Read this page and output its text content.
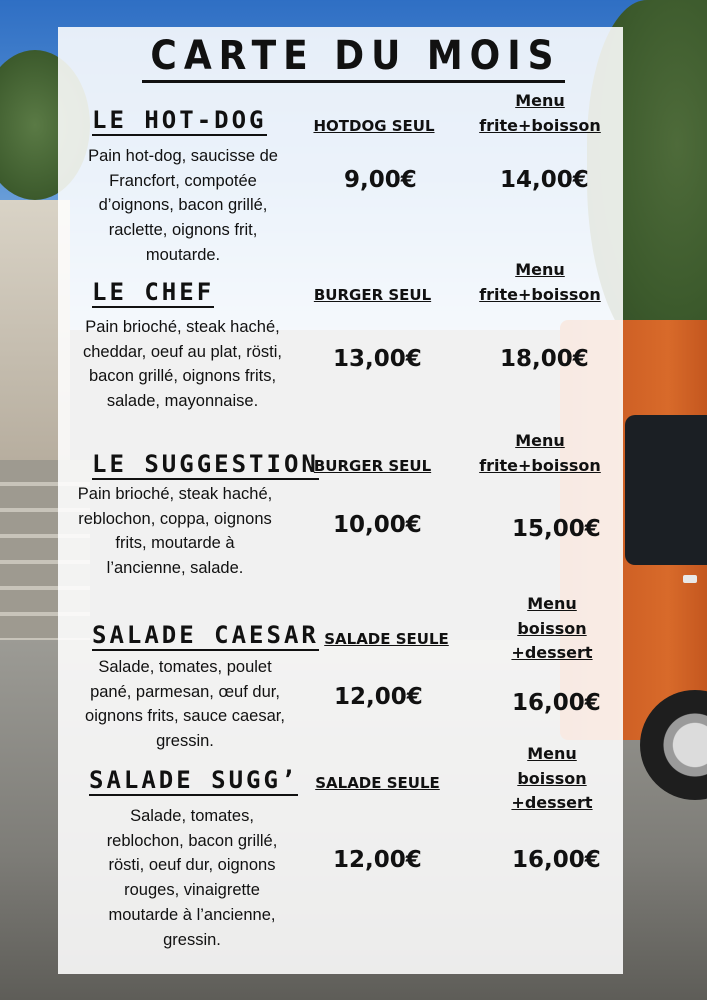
CARTE DU MOIS
LE HOT-DOG
Pain hot-dog, saucisse de Francfort, compotée d’oignons, bacon grillé, raclette, oignons frit, moutarde.
HOTDOG SEUL
9,00€
Menu
frite+boisson
14,00€
LE CHEF
Pain brioché, steak haché, cheddar, oeuf au plat, rösti, bacon grillé, oignons frits, salade, mayonnaise.
BURGER SEUL
13,00€
Menu
frite+boisson
18,00€
LE SUGGESTION
Pain brioché, steak haché, reblochon, coppa, oignons frits, moutarde à l’ancienne, salade.
BURGER SEUL
10,00€
Menu
frite+boisson
15,00€
SALADE CAESAR
Salade, tomates, poulet pané, parmesan, œuf dur, oignons frits, sauce caesar, gressin.
SALADE SEULE
12,00€
Menu
boisson
+dessert
16,00€
SALADE SUGG’
Salade, tomates, reblochon, bacon grillé, rösti, oeuf dur, oignons rouges, vinaigrette moutarde à l’ancienne, gressin.
SALADE SEULE
12,00€
Menu
boisson
+dessert
16,00€
